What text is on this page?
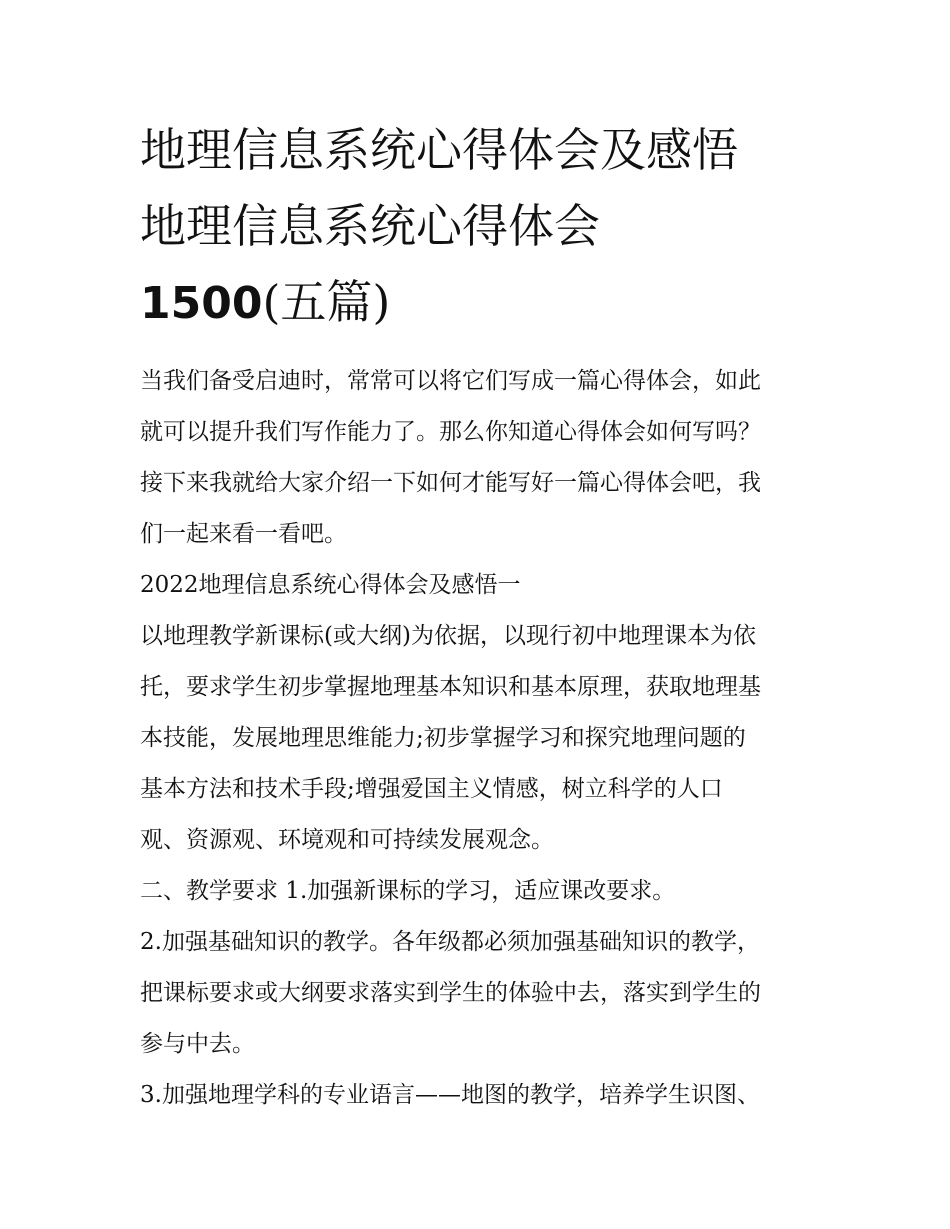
地理信息系统心得体会及感悟
地理信息系统心得体会
1500(五篇)

当我们备受启迪时，常常可以将它们写成一篇心得体会，如此
就可以提升我们写作能力了。那么你知道心得体会如何写吗？
接下来我就给大家介绍一下如何才能写好一篇心得体会吧，我
们一起来看一看吧。

2022地理信息系统心得体会及感悟一

以地理教学新课标(或大纲)为依据，以现行初中地理课本为依
托，要求学生初步掌握地理基本知识和基本原理，获取地理基
本技能，发展地理思维能力;初步掌握学习和探究地理问题的
基本方法和技术手段;增强爱国主义情感，树立科学的人口
观、资源观、环境观和可持续发展观念。

二、教学要求 1.加强新课标的学习，适应课改要求。

2.加强基础知识的教学。各年级都必须加强基础知识的教学，
把课标要求或大纲要求落实到学生的体验中去，落实到学生的
参与中去。

3.加强地理学科的专业语言——地图的教学，培养学生识图、
